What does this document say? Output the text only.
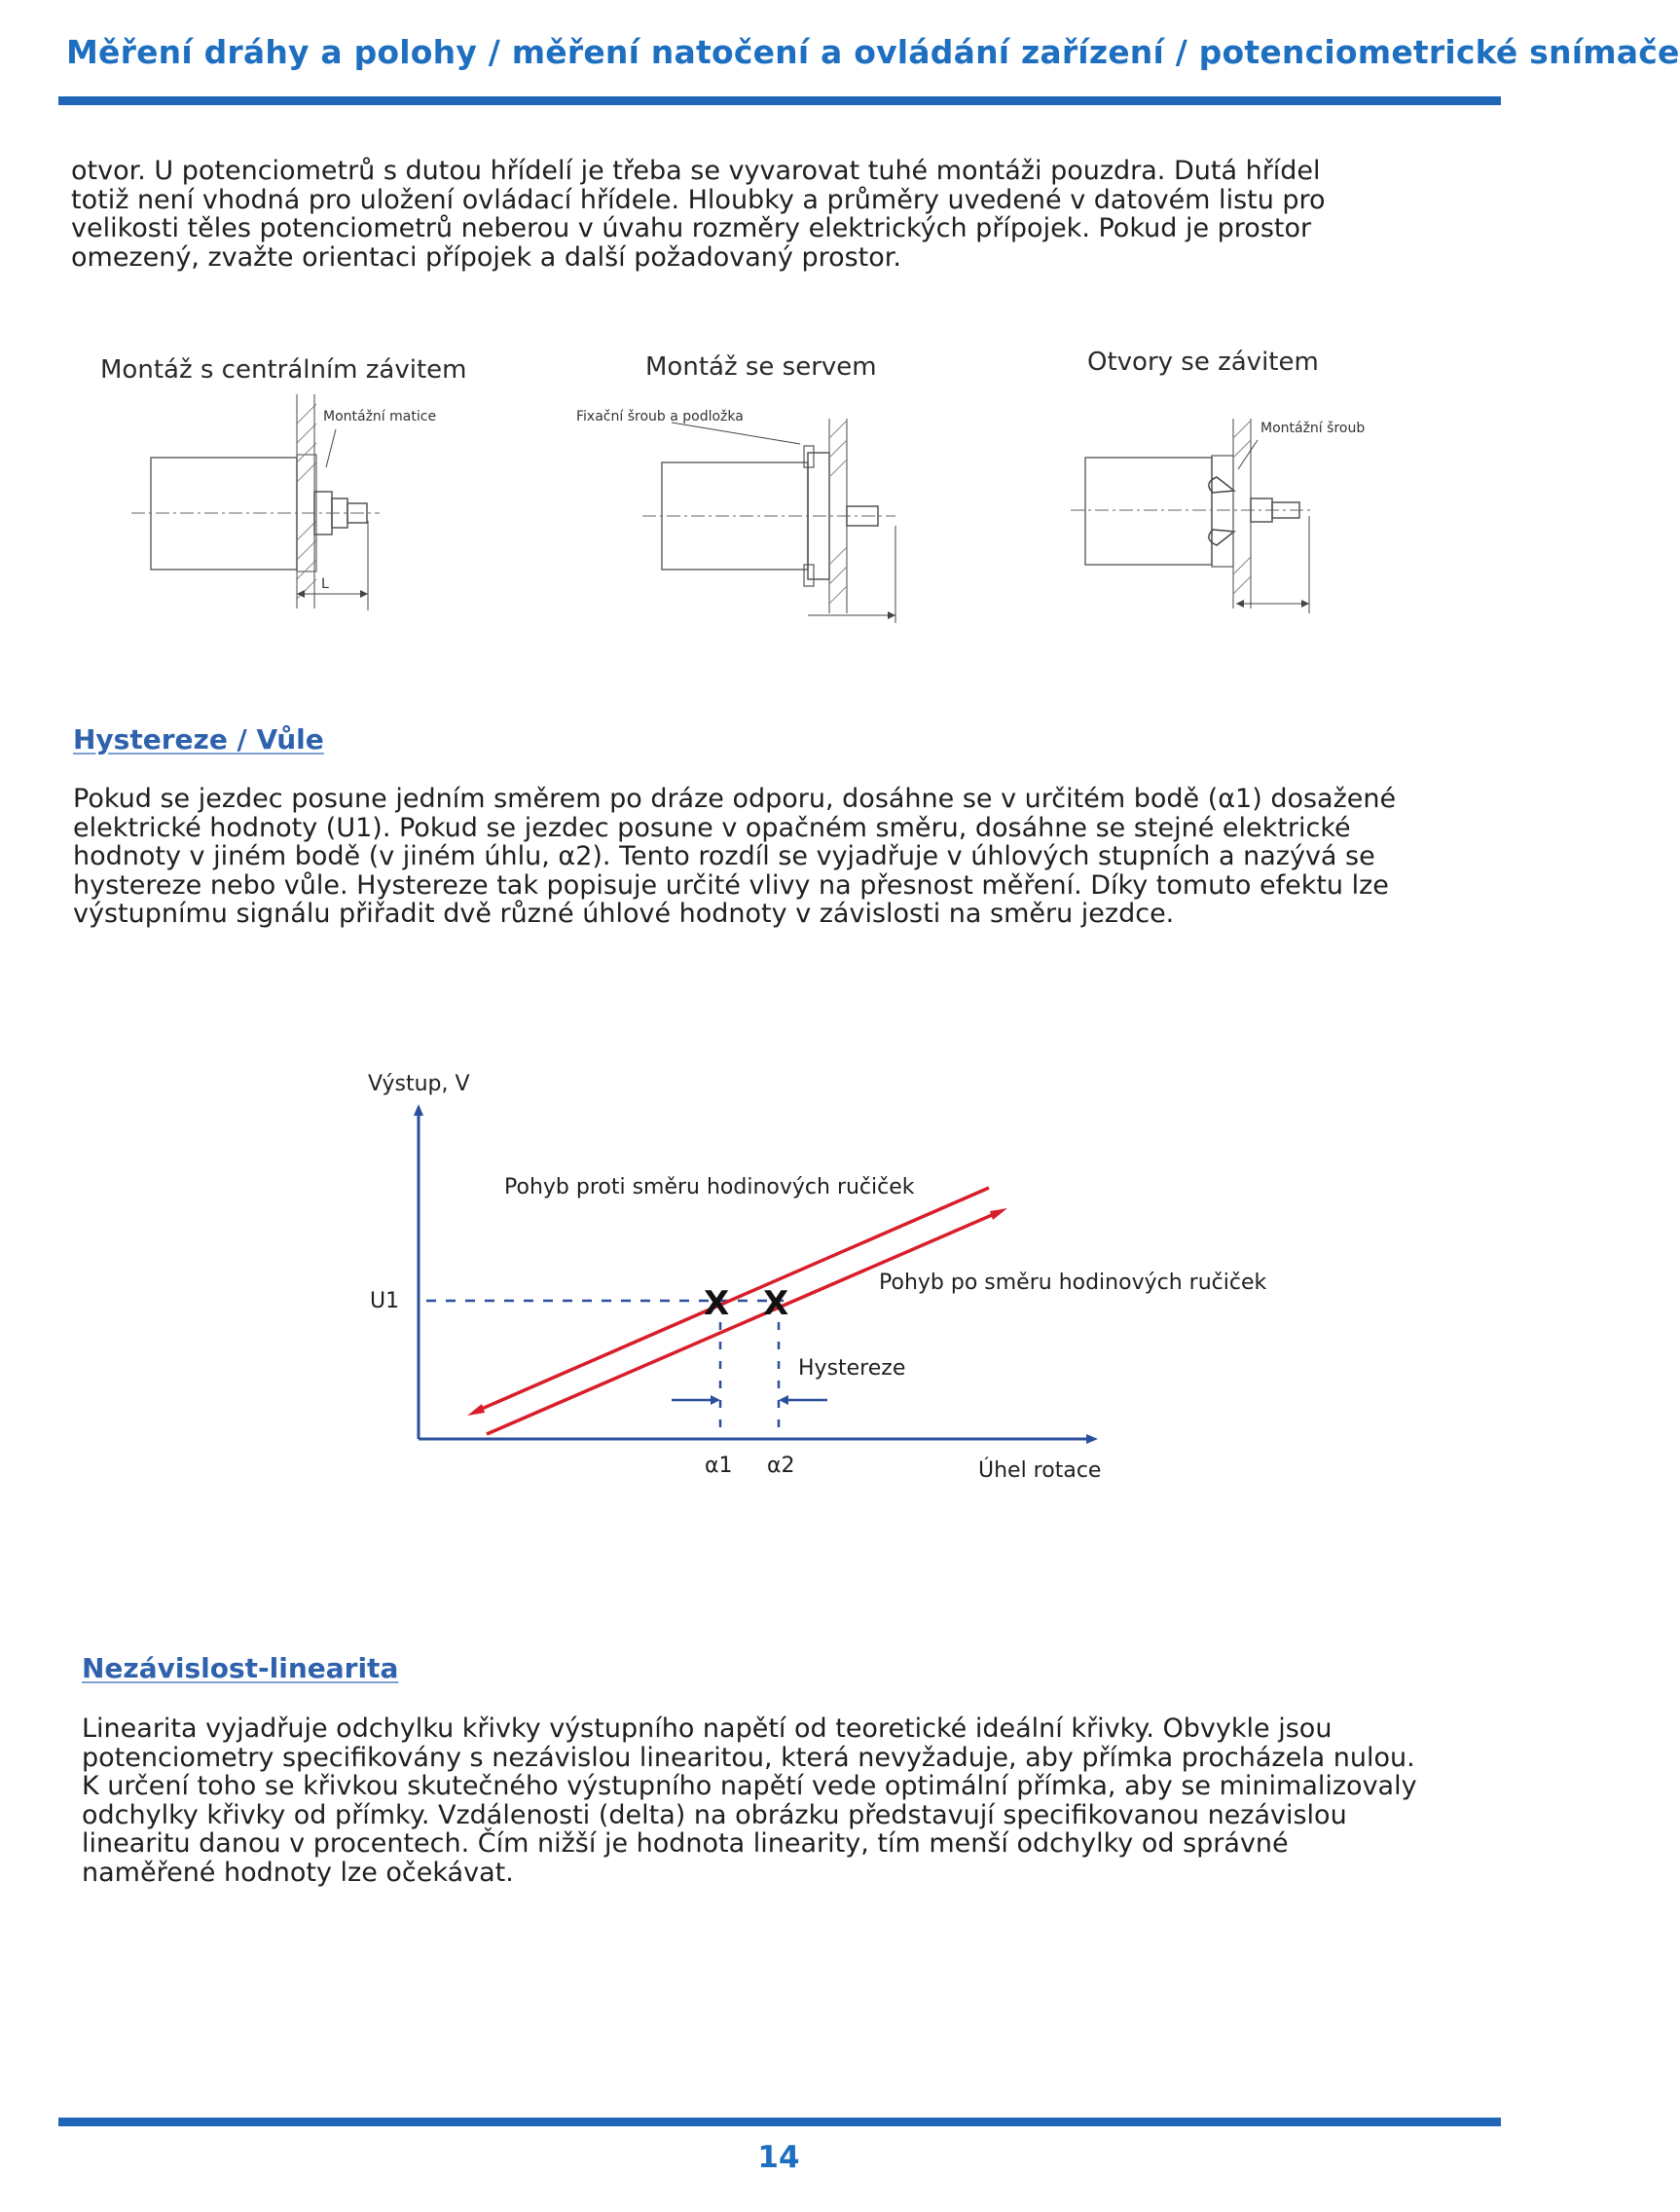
Měření dráhy a polohy / měření natočení a ovládání zařízení / potenciometrické snímače
otvor. U potenciometrů s dutou hřídelí je třeba se vyvarovat tuhé montáži pouzdra. Dutá hřídel
totiž není vhodná pro uložení ovládací hřídele. Hloubky a průměry uvedené v datovém listu pro
velikosti těles potenciometrů neberou v úvahu rozměry elektrických přípojek. Pokud je prostor
omezený, zvažte orientaci přípojek a další požadovaný prostor.
Montáž s centrálním závitem	Montáž se servem	Otvory se závitem
Montážní matice
L
Fixační šroub a podložka
Montážní šroub
Hystereze / Vůle
Pokud se jezdec posune jedním směrem po dráze odporu, dosáhne se v určitém bodě (α1) dosažené
elektrické hodnoty (U1). Pokud se jezdec posune v opačném směru, dosáhne se stejné elektrické
hodnoty v jiném bodě (v jiném úhlu, α2). Tento rozdíl se vyjadřuje v úhlových stupních a nazývá se
hystereze nebo vůle. Hystereze tak popisuje určité vlivy na přesnost měření. Díky tomuto efektu lze
výstupnímu signálu přiřadit dvě různé úhlové hodnoty v závislosti na směru jezdce.
Výstup, V
Úhel rotace
U1
Pohyb proti směru hodinových ručiček
Pohyb po směru hodinových ručiček
X X
Hystereze
α1 α2
Nezávislost-linearita
Linearita vyjadřuje odchylku křivky výstupního napětí od teoretické ideální křivky. Obvykle jsou
potenciometry specifikovány s nezávislou linearitou, která nevyžaduje, aby přímka procházela nulou.
K určení toho se křivkou skutečného výstupního napětí vede optimální přímka, aby se minimalizovaly
odchylky křivky od přímky. Vzdálenosti (delta) na obrázku představují specifikovanou nezávislou
linearitu danou v procentech. Čím nižší je hodnota linearity, tím menší odchylky od správné
naměřené hodnoty lze očekávat.
14
